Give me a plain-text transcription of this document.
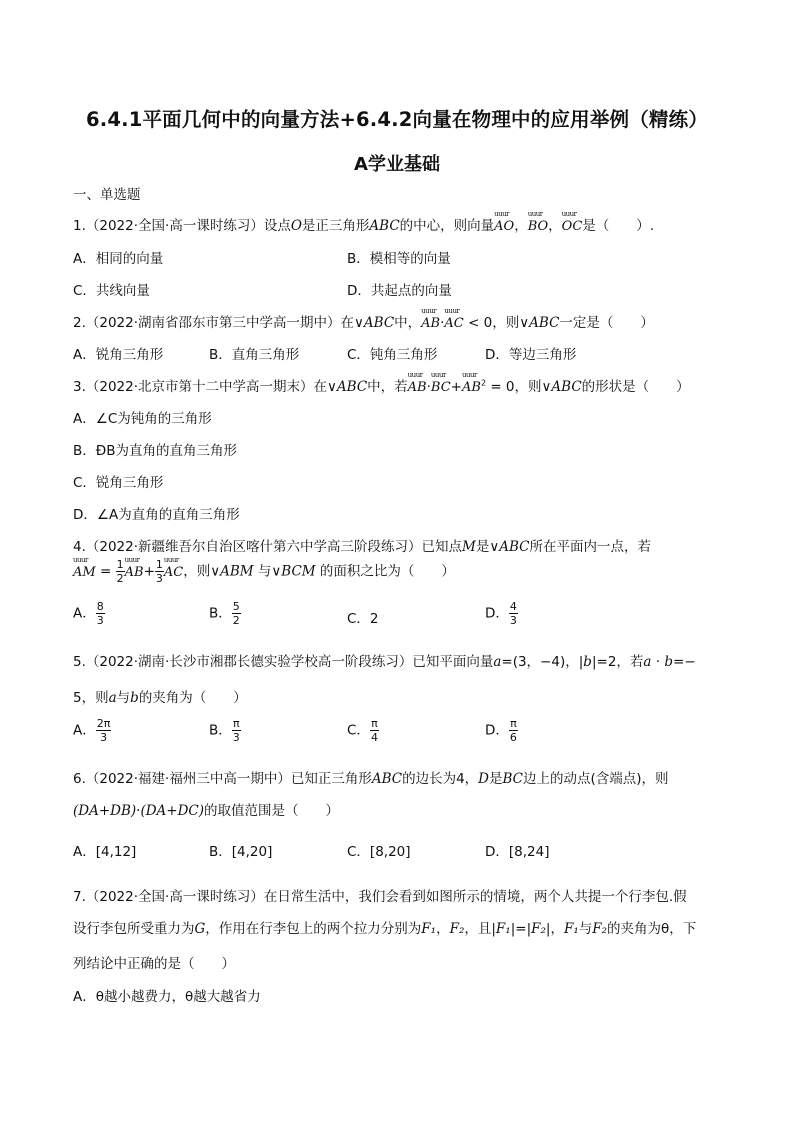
6.4.1平面几何中的向量方法+6.4.2向量在物理中的应用举例（精练）
A学业基础
一、单选题
1.（2022·全国·高一课时练习）设点O是正三角形ABC的中心，则向量uuur AO，uuur BO，uuur OC是（　　）.
A．相同的向量	B．模相等的向量
C．共线向量	D．共起点的向量
2.（2022·湖南省邵东市第三中学高一期中）在∨ABC中，uuur AB·uuur AC < 0，则∨ABC一定是（　　）
A．锐角三角形	B．直角三角形	C．钝角三角形	D．等边三角形
3.（2022·北京市第十二中学高一期末）在∨ABC中，若uuur AB·uuur BC+uuur $AB^2 = 0$，则∨ABC的形状是（　　）
A．∠C为钝角的三角形
B．ÐB为直角的直角三角形
C．锐角三角形
D．∠A为直角的直角三角形
4.（2022·新疆维吾尔自治区喀什第六中学高三阶段练习）已知点M是∨ABC所在平面内一点，若
uuur AM = $\frac{1}{2}$ uuur $AB+ \frac{1}{3}$ uuur AC，则∨ABM 与∨BCM 的面积之比为（　　）
A． $\frac{8}{3}$	B． $\frac{5}{2}$	C．2	D． $\frac{4}{3}$
5.（2022·湖南·长沙市湘郡长德实验学校高一阶段练习）已知平面向量a=(3，−4)，|b|=2，若a · b=−
5，则a与b的夹角为（　　）
A． $\frac{2\pi}{3}$	B． $\frac{\pi}{3}$	C． $\frac{\pi}{4}$	D． $\frac{\pi}{6}$
6.（2022·福建·福州三中高一期中）已知正三角形ABC的边长为4，D是BC边上的动点(含端点)，则
(DA+DB)·(DA+DC)的取值范围是（　　）
A．[4,12]	B．[4,20]	C．[8,20]	D．[8,24]
7.（2022·全国·高一课时练习）在日常生活中，我们会看到如图所示的情境，两个人共提一个行李包.假
设行李包所受重力为G，作用在行李包上的两个拉力分别为F₁，F₂，且|F₁|=|F₂|，F₁与F₂的夹角为θ，下
列结论中正确的是（　　）
A．θ越小越费力，θ越大越省力
